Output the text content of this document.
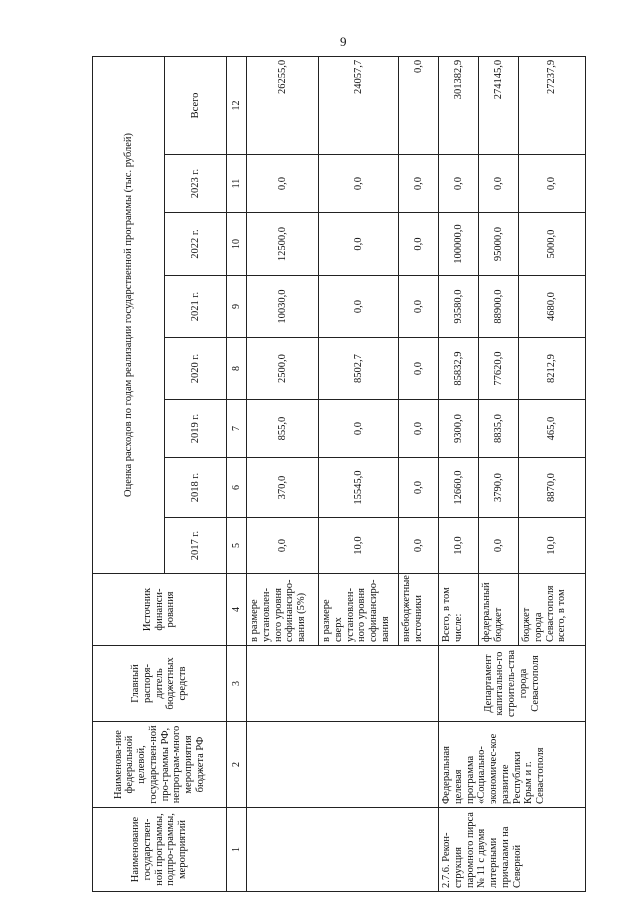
9
Наименование государствен-ной программы, подпро-граммы, мероприятий	Наименова-ние федеральной целевой, государствен-ной про-граммы РФ, непрограм-много мероприятия бюджета РФ	Главный распоря-дитель бюджетных средств	Источник финанси-рования	Оценка расходов по годам реализации государственной программы (тыс. рублей)							
				2017 г.	2018 г.	2019 г.	2020 г.	2021 г.	2022 г.	2023 г.	Всего
1	2	3	4	5	6	7	8	9	10	11	12
			в размере установлен-ного уровня софинансиро-вания (5%)	0,0	370,0	855,0	2500,0	10030,0	12500,0	0,0	26255,0
			в размере сверх установлен-ного уровня софинансиро-вания	10,0	15545,0	0,0	8502,7	0,0	0,0	0,0	24057,7
			внебюджетные источники	0,0	0,0	0,0	0,0	0,0	0,0	0,0	0,0
2.7.6. Рекон-струкция паромного пирса № 11 с двумя литерными причалами на Северной	Федеральная целевая программа «Социально-экономичес-кое развитие Республики Крым и г. Севастополя	Департамент капитально-го строитель-ства города Севастополя	Всего, в том числе:	10,0	12660,0	9300,0	85832,9	93580,0	100000,0	0,0	301382,9
			федеральный бюджет	0,0	3790,0	8835,0	77620,0	88900,0	95000,0	0,0	274145,0
			бюджет города Севастополя всего, в том	10,0	8870,0	465,0	8212,9	4680,0	5000,0	0,0	27237,9
